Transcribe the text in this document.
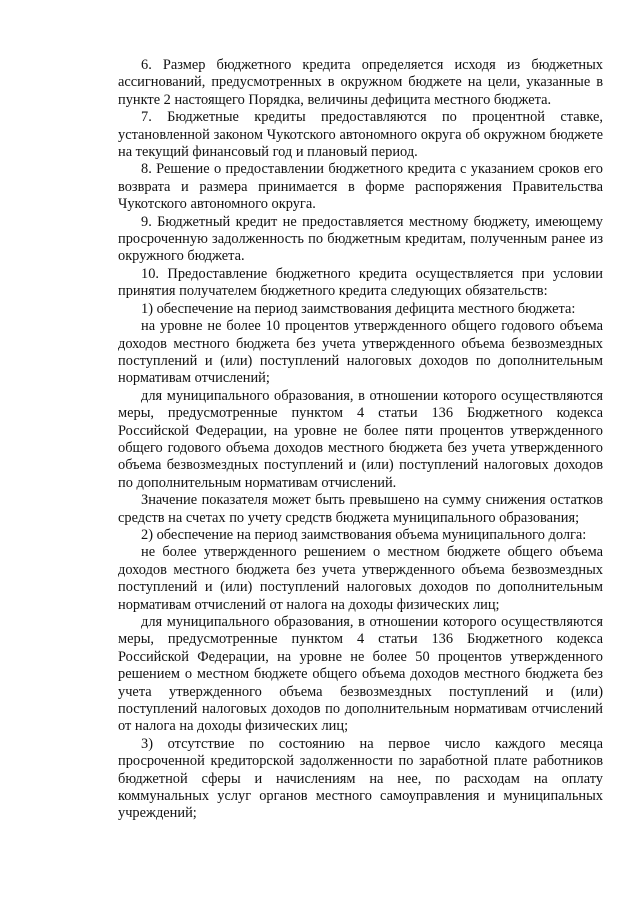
6. Размер бюджетного кредита определяется исходя из бюджетных ассигнований, предусмотренных в окружном бюджете на цели, указанные в пункте 2 настоящего Порядка, величины дефицита местного бюджета.

7. Бюджетные кредиты предоставляются по процентной ставке, установленной законом Чукотского автономного округа об окружном бюджете на текущий финансовый год и плановый период.

8. Решение о предоставлении бюджетного кредита с указанием сроков его возврата и размера принимается в форме распоряжения Правительства Чукотского автономного округа.

9. Бюджетный кредит не предоставляется местному бюджету, имеющему просроченную задолженность по бюджетным кредитам, полученным ранее из окружного бюджета.

10. Предоставление бюджетного кредита осуществляется при условии принятия получателем бюджетного кредита следующих обязательств:

1) обеспечение на период заимствования дефицита местного бюджета:

на уровне не более 10 процентов утвержденного общего годового объема доходов местного бюджета без учета утвержденного объема безвозмездных поступлений и (или) поступлений налоговых доходов по дополнительным нормативам отчислений;

для муниципального образования, в отношении которого осуществляются меры, предусмотренные пунктом 4 статьи 136 Бюджетного кодекса Российской Федерации, на уровне не более пяти процентов утвержденного общего годового объема доходов местного бюджета без учета утвержденного объема безвозмездных поступлений и (или) поступлений налоговых доходов по дополнительным нормативам отчислений.

Значение показателя может быть превышено на сумму снижения остатков средств на счетах по учету средств бюджета муниципального образования;

2) обеспечение на период заимствования объема муниципального долга:

не более утвержденного решением о местном бюджете общего объема доходов местного бюджета без учета утвержденного объема безвозмездных поступлений и (или) поступлений налоговых доходов по дополнительным нормативам отчислений от налога на доходы физических лиц;

для муниципального образования, в отношении которого осуществляются меры, предусмотренные пунктом 4 статьи 136 Бюджетного кодекса Российской Федерации, на уровне не более 50 процентов утвержденного решением о местном бюджете общего объема доходов местного бюджета без учета утвержденного объема безвозмездных поступлений и (или) поступлений налоговых доходов по дополнительным нормативам отчислений от налога на доходы физических лиц;

3) отсутствие по состоянию на первое число каждого месяца просроченной кредиторской задолженности по заработной плате работников бюджетной сферы и начислениям на нее, по расходам на оплату коммунальных услуг органов местного самоуправления и муниципальных учреждений;
